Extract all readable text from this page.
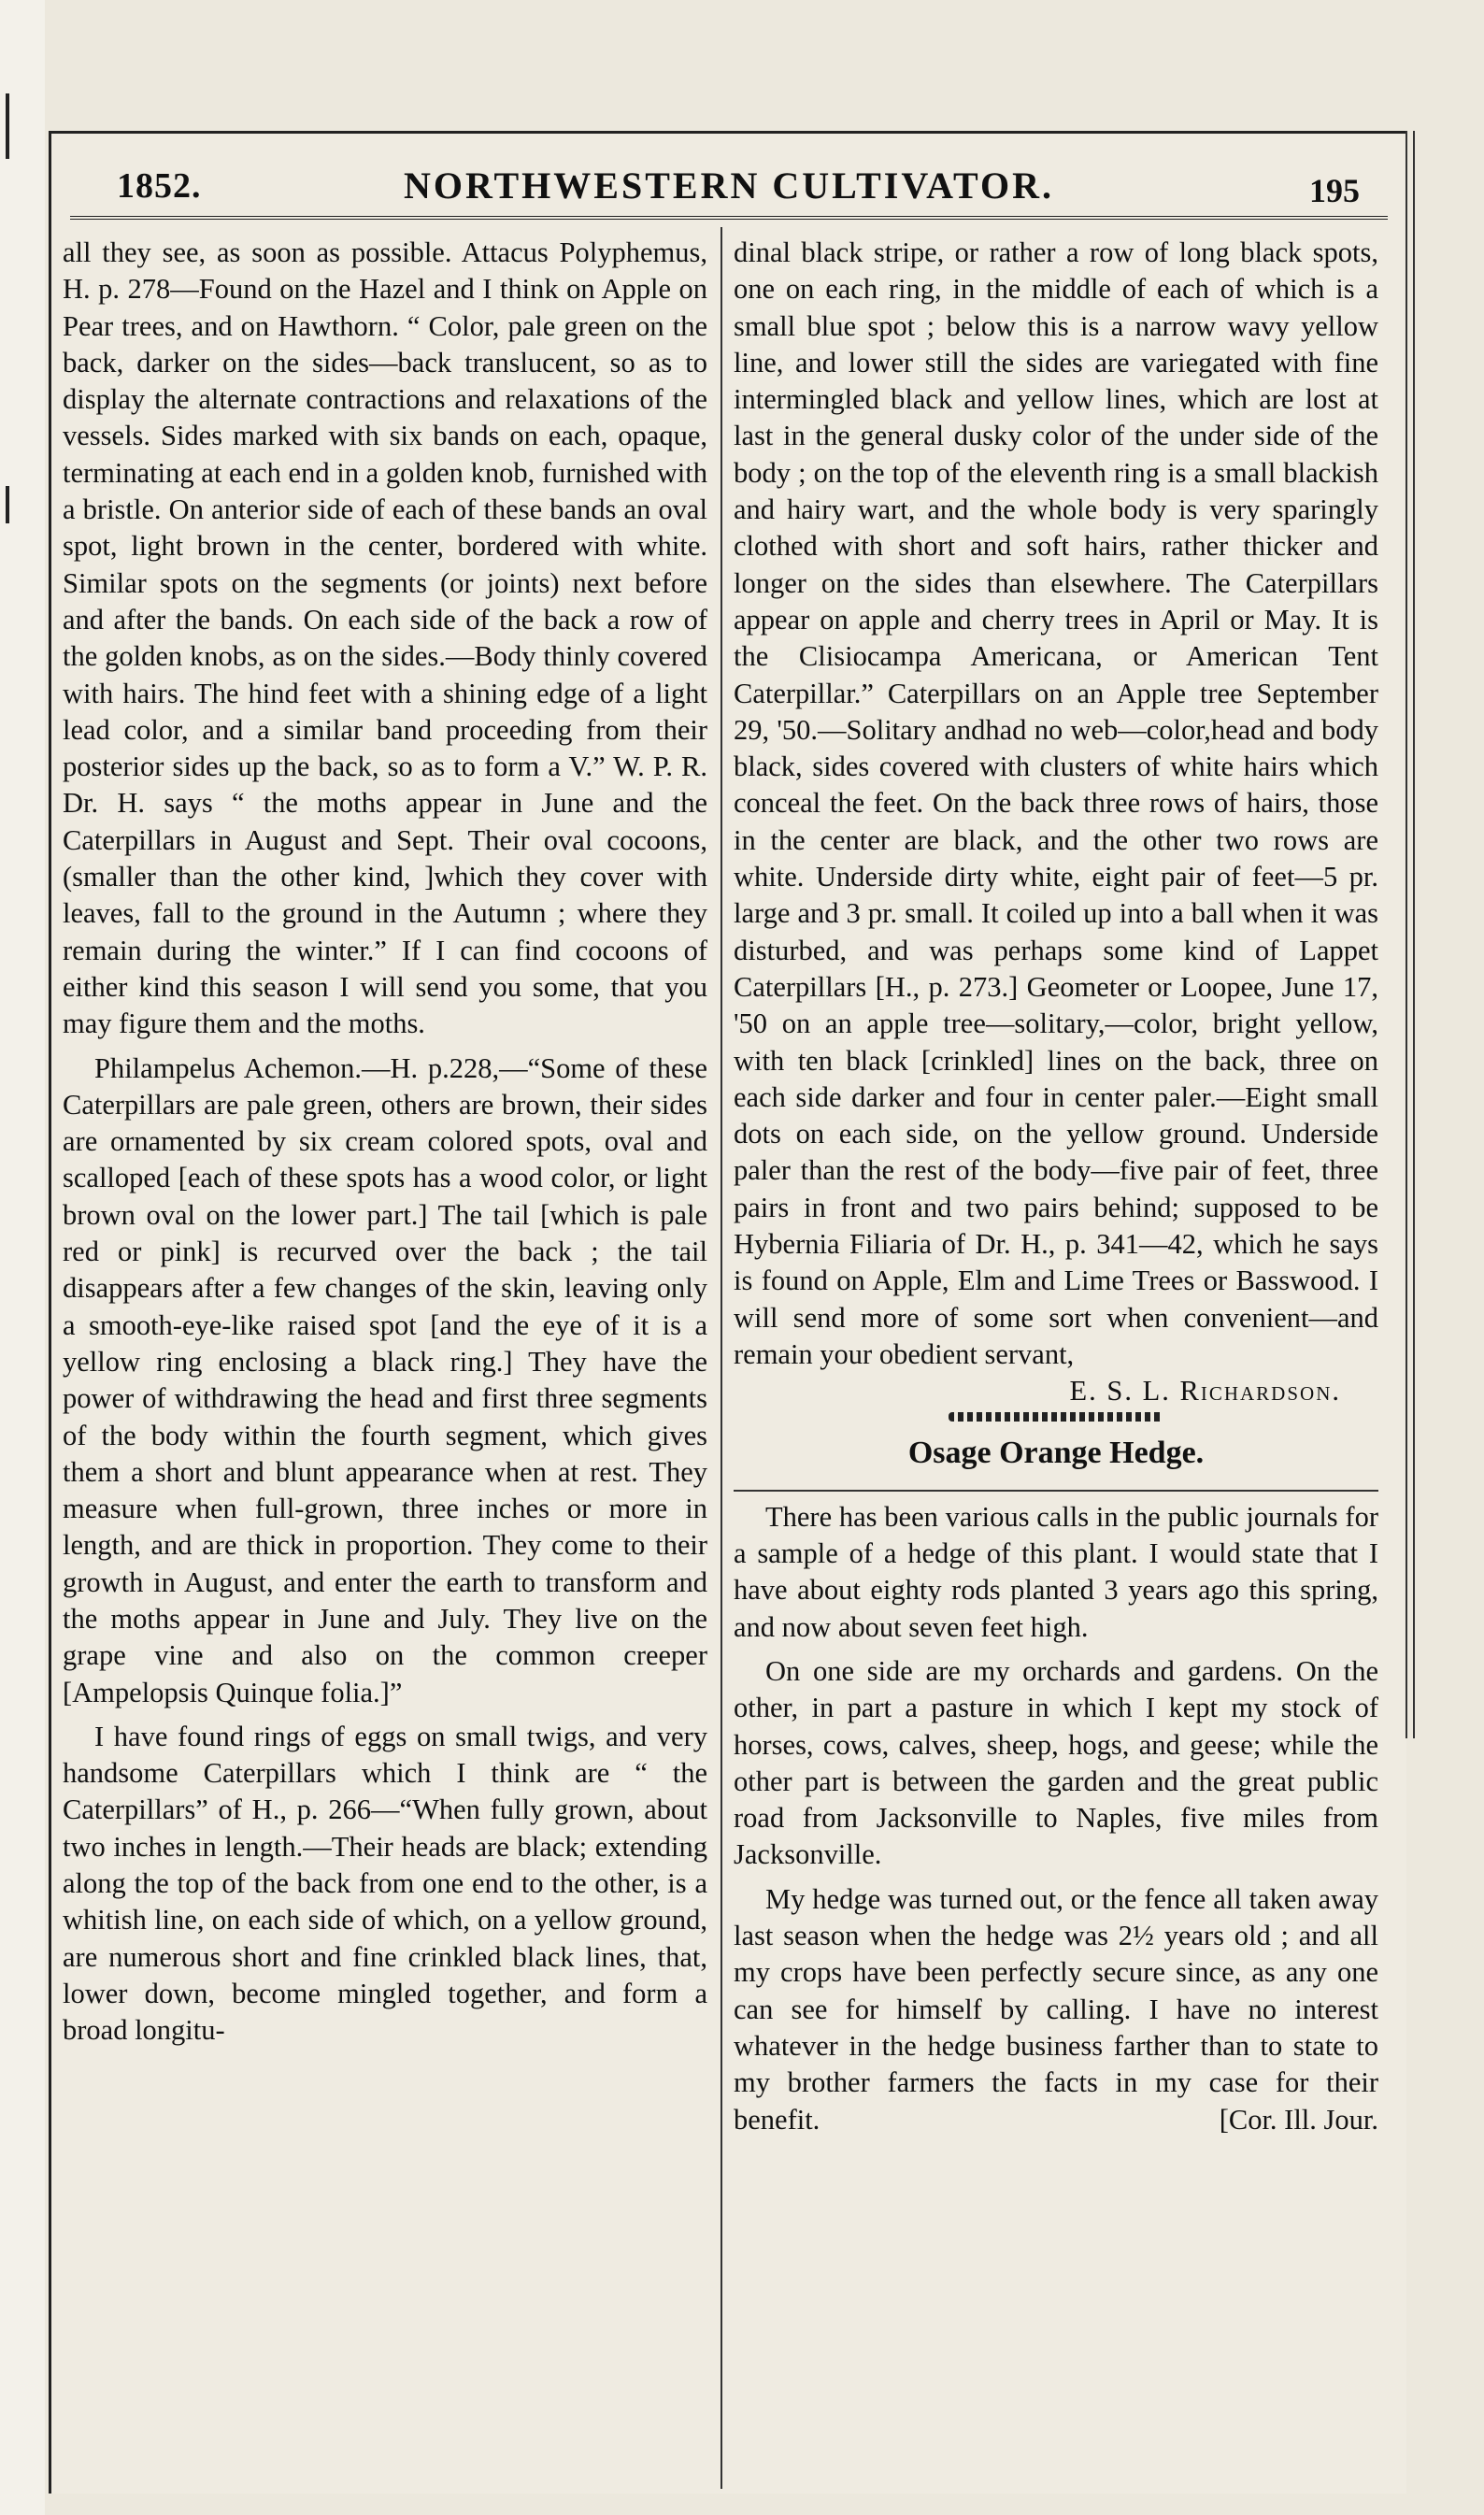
1852.	NORTHWESTERN CULTIVATOR.	195

all they see, as soon as possible. Attacus Polyphemus, H. p. 278—Found on the Hazel and I think on Apple on Pear trees, and on Hawthorn. “ Color, pale green on the back, darker on the sides—back translucent, so as to display the alternate contractions and relaxations of the vessels. Sides marked with six bands on each, opaque, terminating at each end in a golden knob, furnished with a bristle. On anterior side of each of these bands an oval spot, light brown in the center, bordered with white. Similar spots on the segments (or joints) next before and after the bands. On each side of the back a row of the golden knobs, as on the sides.—Body thinly covered with hairs. The hind feet with a shining edge of a light lead color, and a similar band proceeding from their posterior sides up the back, so as to form a V.” W. P. R. Dr. H. says “ the moths appear in June and the Caterpillars in August and Sept. Their oval cocoons, (smaller than the other kind, ]which they cover with leaves, fall to the ground in the Autumn ; where they remain during the winter.” If I can find cocoons of either kind this season I will send you some, that you may figure them and the moths.

Philampelus Achemon.—H. p.228,—“Some of these Caterpillars are pale green, others are brown, their sides are ornamented by six cream colored spots, oval and scalloped [each of these spots has a wood color, or light brown oval on the lower part.] The tail [which is pale red or pink] is recurved over the back ; the tail disappears after a few changes of the skin, leaving only a smooth-eye-like raised spot [and the eye of it is a yellow ring enclosing a black ring.] They have the power of withdrawing the head and first three segments of the body within the fourth segment, which gives them a short and blunt appearance when at rest. They measure when full-grown, three inches or more in length, and are thick in proportion. They come to their growth in August, and enter the earth to transform and the moths appear in June and July. They live on the grape vine and also on the common creeper [Ampelopsis Quinque folia.]”

I have found rings of eggs on small twigs, and very handsome Caterpillars which I think are “ the Caterpillars” of H., p. 266—“When fully grown, about two inches in length.—Their heads are black; extending along the top of the back from one end to the other, is a whitish line, on each side of which, on a yellow ground, are numerous short and fine crinkled black lines, that, lower down, become mingled together, and form a broad longitu-

dinal black stripe, or rather a row of long black spots, one on each ring, in the middle of each of which is a small blue spot ; below this is a narrow wavy yellow line, and lower still the sides are variegated with fine intermingled black and yellow lines, which are lost at last in the general dusky color of the under side of the body ; on the top of the eleventh ring is a small blackish and hairy wart, and the whole body is very sparingly clothed with short and soft hairs, rather thicker and longer on the sides than elsewhere. The Caterpillars appear on apple and cherry trees in April or May. It is the Clisiocampa Americana, or American Tent Caterpillar.” Caterpillars on an Apple tree September 29, '50.—Solitary andhad no web—color,head and body black, sides covered with clusters of white hairs which conceal the feet. On the back three rows of hairs, those in the center are black, and the other two rows are white. Underside dirty white, eight pair of feet—5 pr. large and 3 pr. small. It coiled up into a ball when it was disturbed, and was perhaps some kind of Lappet Caterpillars [H., p. 273.] Geometer or Loopee, June 17, '50 on an apple tree—solitary,—color, bright yellow, with ten black [crinkled] lines on the back, three on each side darker and four in center paler.—Eight small dots on each side, on the yellow ground. Underside paler than the rest of the body—five pair of feet, three pairs in front and two pairs behind; supposed to be Hybernia Filiaria of Dr. H., p. 341—42, which he says is found on Apple, Elm and Lime Trees or Basswood. I will send more of some sort when convenient—and remain your obedient servant,

E. S. L. Richardson.

Osage Orange Hedge.

There has been various calls in the public journals for a sample of a hedge of this plant. I would state that I have about eighty rods planted 3 years ago this spring, and now about seven feet high.

On one side are my orchards and gardens. On the other, in part a pasture in which I kept my stock of horses, cows, calves, sheep, hogs, and geese; while the other part is between the garden and the great public road from Jacksonville to Naples, five miles from Jacksonville.

My hedge was turned out, or the fence all taken away last season when the hedge was 2½ years old ; and all my crops have been perfectly secure since, as any one can see for himself by calling. I have no interest whatever in the hedge business farther than to state to my brother farmers the facts in my case for their benefit.	[Cor. Ill. Jour.
